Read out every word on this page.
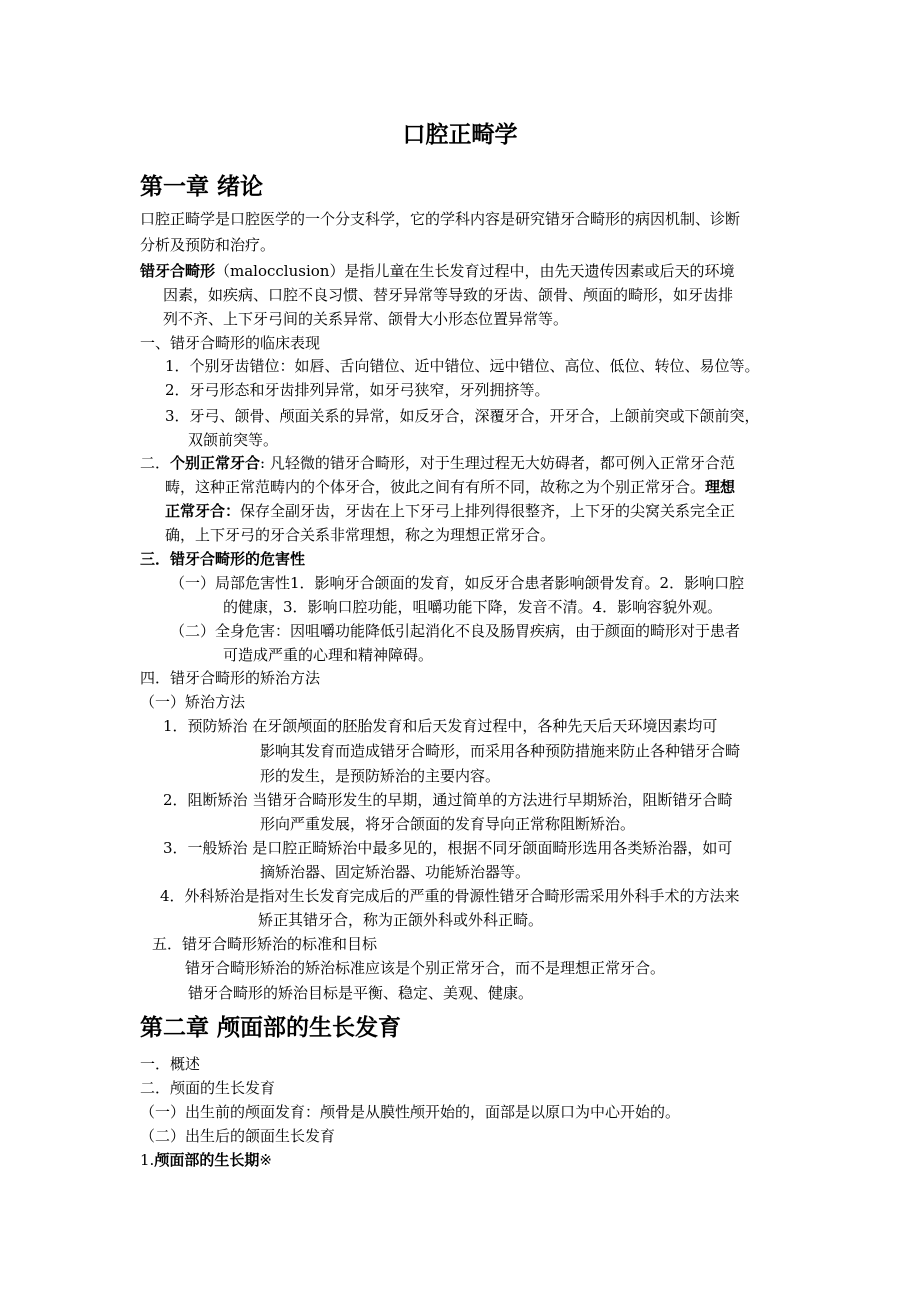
口腔正畸学
第一章 绪论
口腔正畸学是口腔医学的一个分支科学，它的学科内容是研究错牙合畸形的病因机制、诊断
分析及预防和治疗。
错牙合畸形（malocclusion）是指儿童在生长发育过程中，由先天遗传因素或后天的环境
因素，如疾病、口腔不良习惯、替牙异常等导致的牙齿、颌骨、颅面的畸形，如牙齿排
列不齐、上下牙弓间的关系异常、颌骨大小形态位置异常等。
一、错牙合畸形的临床表现
1．个别牙齿错位：如唇、舌向错位、近中错位、远中错位、高位、低位、转位、易位等。
2．牙弓形态和牙齿排列异常，如牙弓狭窄，牙列拥挤等。
3．牙弓、颌骨、颅面关系的异常，如反牙合，深覆牙合，开牙合，上颌前突或下颌前突，
双颌前突等。
二．个别正常牙合: 凡轻微的错牙合畸形，对于生理过程无大妨碍者，都可例入正常牙合范
畴，这种正常范畴内的个体牙合，彼此之间有有所不同，故称之为个别正常牙合。理想
正常牙合：保存全副牙齿，牙齿在上下牙弓上排列得很整齐，上下牙的尖窝关系完全正
确，上下牙弓的牙合关系非常理想，称之为理想正常牙合。
三．错牙合畸形的危害性
（一）局部危害性1．影响牙合颌面的发育，如反牙合患者影响颌骨发育。2．影响口腔
的健康，3．影响口腔功能，咀嚼功能下降，发音不清。4．影响容貌外观。
（二）全身危害：因咀嚼功能降低引起消化不良及肠胃疾病，由于颜面的畸形对于患者
可造成严重的心理和精神障碍。
四．错牙合畸形的矫治方法
（一）矫治方法
1．预防矫治 在牙颌颅面的胚胎发育和后天发育过程中，各种先天后天环境因素均可
影响其发育而造成错牙合畸形，而采用各种预防措施来防止各种错牙合畸
形的发生，是预防矫治的主要内容。
2．阻断矫治 当错牙合畸形发生的早期，通过简单的方法进行早期矫治，阻断错牙合畸
形向严重发展，将牙合颌面的发育导向正常称阻断矫治。
3．一般矫治 是口腔正畸矫治中最多见的，根据不同牙颌面畸形选用各类矫治器，如可
摘矫治器、固定矫治器、功能矫治器等。
4．外科矫治是指对生长发育完成后的严重的骨源性错牙合畸形需采用外科手术的方法来
矫正其错牙合，称为正颌外科或外科正畸。
五．错牙合畸形矫治的标准和目标
错牙合畸形矫治的矫治标准应该是个别正常牙合，而不是理想正常牙合。
错牙合畸形的矫治目标是平衡、稳定、美观、健康。
第二章 颅面部的生长发育
一．概述
二．颅面的生长发育
（一）出生前的颅面发育：颅骨是从膜性颅开始的，面部是以原口为中心开始的。
（二）出生后的颌面生长发育
1.颅面部的生长期※
